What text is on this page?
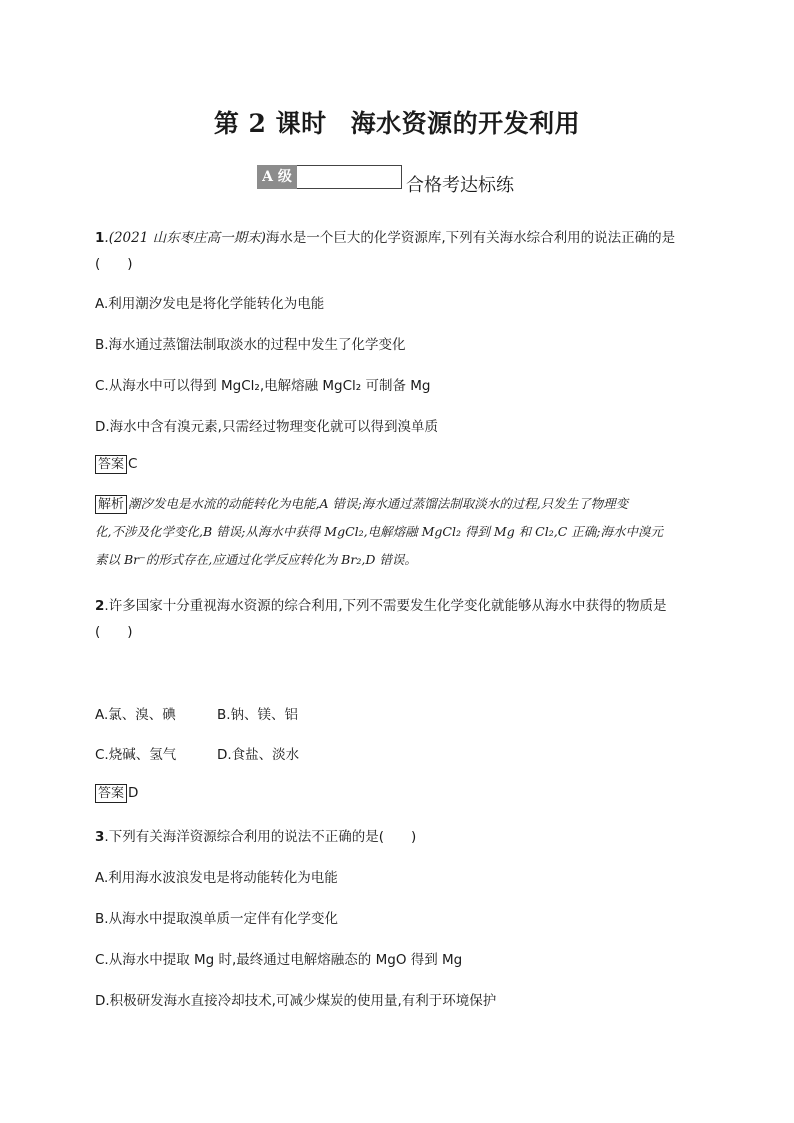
第 2 课时 海水资源的开发利用
A 级	合格考达标练
1.(2021 山东枣庄高一期末)海水是一个巨大的化学资源库,下列有关海水综合利用的说法正确的是
(　　)
A.利用潮汐发电是将化学能转化为电能
B.海水通过蒸馏法制取淡水的过程中发生了化学变化
C.从海水中可以得到 MgCl₂,电解熔融 MgCl₂ 可制备 Mg
D.海水中含有溴元素,只需经过物理变化就可以得到溴单质
答案 C
解析 潮汐发电是水流的动能转化为电能,A 错误;海水通过蒸馏法制取淡水的过程,只发生了物理变
化,不涉及化学变化,B 错误;从海水中获得 MgCl₂,电解熔融 MgCl₂ 得到 Mg 和 Cl₂,C 正确;海水中溴元
素以 Br⁻的形式存在,应通过化学反应转化为 Br₂,D 错误。
2.许多国家十分重视海水资源的综合利用,下列不需要发生化学变化就能够从海水中获得的物质是
(　　)
A.氯、溴、碘	B.钠、镁、铝
C.烧碱、氢气	D.食盐、淡水
答案 D
3.下列有关海洋资源综合利用的说法不正确的是(　　)
A.利用海水波浪发电是将动能转化为电能
B.从海水中提取溴单质一定伴有化学变化
C.从海水中提取 Mg 时,最终通过电解熔融态的 MgO 得到 Mg
D.积极研发海水直接冷却技术,可减少煤炭的使用量,有利于环境保护
